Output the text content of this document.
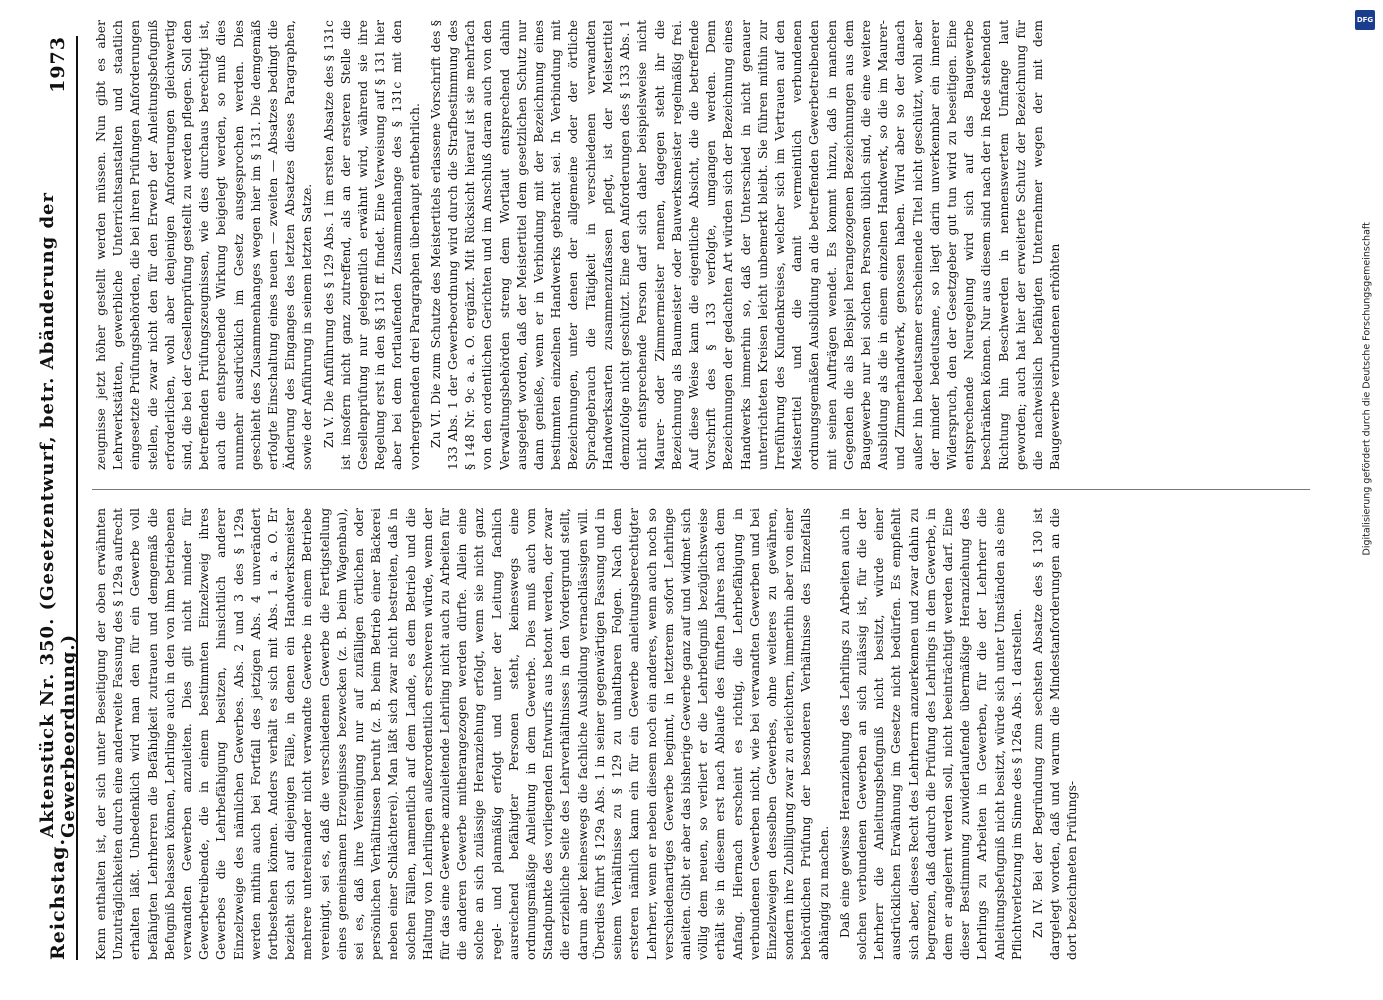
Reichstag.
Aktenstück Nr. 350. (Gesetzentwurf, betr. Abänderung der Gewerbeordnung.)
1973

Kenn enthalten ist, der sich unter Beseitigung der oben erwähnten Unzuträglichkeiten durch eine anderweite Fassung des § 129a aufrecht erhalten läßt. Unbedenklich wird man den für ein Gewerbe voll befähigten Lehrherren die Befähigkeit zutrauen und demgemäß die Befugniß belassen können, Lehrlinge auch in den von ihm betriebenen verwandten Gewerben anzuleiten. Dies gilt nicht minder für Gewerbetreibende, die in einem bestimmten Einzelzweig ihres Gewerbes die Lehrbefähigung besitzen, hinsichtlich anderer Einzelzweige des nämlichen Gewerbes. Abs. 2 und 3 des § 129a werden mithin auch bei Fortfall des jetzigen Abs. 4 unverändert fortbestehen können. Anders verhält es sich mit Abs. 1 a. a. O. Er bezieht sich auf diejenigen Fälle, in denen ein Handwerksmeister mehrere untereinander nicht verwandte Gewerbe in einem Betriebe vereinigt, sei es, daß die verschiedenen Gewerbe die Fertigstellung eines gemeinsamen Erzeugnisses bezwecken (z. B. beim Wagenbau), sei es, daß ihre Vereinigung nur auf zufälligen örtlichen oder persönlichen Verhältnissen beruht (z. B. beim Betrieb einer Bäckerei neben einer Schlächterei). Man läßt sich zwar nicht bestreiten, daß in solchen Fällen, namentlich auf dem Lande, es dem Betrieb und die Haltung von Lehrlingen außerordentlich erschweren würde, wenn der für das eine Gewerbe anzuleitende Lehrling nicht auch zu Arbeiten für die anderen Gewerbe mitherangezogen werden dürfte. Allein eine solche an sich zulässige Heranziehung erfolgt, wenn sie nicht ganz regel- und planmäßig erfolgt und unter der Leitung fachlich ausreichend befähigter Personen steht, keineswegs eine ordnungsmäßige Anleitung in dem Gewerbe. Dies muß auch vom Standpunkte des vorliegenden Entwurfs aus betont werden, der zwar die erziehliche Seite des Lehrverhältnisses in den Vordergrund stellt, darum aber keineswegs die fachliche Ausbildung vernachlässigen will. Überdies führt § 129a Abs. 1 in seiner gegenwärtigen Fassung und in seinem Verhältnisse zu § 129 zu unhaltbaren Folgen. Nach dem ersteren nämlich kann ein für ein Gewerbe anleitungsberechtigter Lehrherr, wenn er neben diesem noch ein anderes, wenn auch noch so verschiedenartiges Gewerbe beginnt, in letzterem sofort Lehrlinge anleiten. Gibt er aber das bisherige Gewerbe ganz auf und widmet sich völlig dem neuen, so verliert er die Lehrbefugniß bezüglichsweise erhält sie in diesem erst nach Ablaufe des fünften Jahres nach dem Anfang. Hiernach erscheint es richtig, die Lehrbefähigung in verbundenen Gewerben nicht, wie bei verwandten Gewerben und bei Einzelzweigen desselben Gewerbes, ohne weiteres zu gewähren, sondern ihre Zubilligung zwar zu erleichtern, immerhin aber von einer behördlichen Prüfung der besonderen Verhältnisse des Einzelfalls abhängig zu machen. Daß eine gewisse Heranziehung des Lehrlings zu Arbeiten auch in solchen verbundenen Gewerben an sich zulässig ist, für die der Lehrherr die Anleitungsbefugniß nicht besitzt, würde einer ausdrücklichen Erwähnung im Gesetze nicht bedürfen. Es empfiehlt sich aber, dieses Recht des Lehrherrn anzuerkennen und zwar dahin zu begrenzen, daß dadurch die Prüfung des Lehrlings in dem Gewerbe, in dem er angelernt werden soll, nicht beeinträchtigt werden darf. Eine dieser Bestimmung zuwiderlaufende übermäßige Heranziehung des Lehrlings zu Arbeiten in Gewerben, für die der Lehrherr die Anleitungsbefugniß nicht besitzt, würde sich unter Umständen als eine Pflichtverletzung im Sinne des § 126a Abs. 1 darstellen. Zu IV. Bei der Begründung zum sechsten Absatze des § 130 ist dargelegt worden, daß und warum die Mindestanforderungen an die dort bezeichneten Prüfungs-

zeugnisse jetzt höher gestellt werden müssen. Nun gibt es aber Lehrwerkstätten, gewerbliche Unterrichtsanstalten und staatlich eingesetzte Prüfungsbehörden, die bei ihren Prüfungen Anforderungen stellen, die zwar nicht den für den Erwerb der Anleitungsbefugniß erforderlichen, wohl aber denjenigen Anforderungen gleichwertig sind, die bei der Gesellenprüfung gestellt zu werden pflegen. Soll den betreffenden Prüfungszeugnissen, wie dies durchaus berechtigt ist, auch die entsprechende Wirkung beigelegt werden, so muß dies nunmehr ausdrücklich im Gesetz ausgesprochen werden. Dies geschieht des Zusammenhanges wegen hier im § 131. Die demgemäß erfolgte Einschaltung eines neuen — zweiten — Absatzes bedingt die Änderung des Einganges des letzten Absatzes dieses Paragraphen, sowie der Anführung in seinem letzten Satze. Zu V. Die Anführung des § 129 Abs. 1 im ersten Absatze des § 131c ist insofern nicht ganz zutreffend, als an der ersteren Stelle die Gesellenprüfung nur gelegentlich erwähnt wird, während sie ihre Regelung erst in den §§ 131 ff. findet. Eine Verweisung auf § 131 hier aber bei dem fortlaufenden Zusammenhange des § 131c mit den vorhergehenden drei Paragraphen überhaupt entbehrlich. Zu VI. Die zum Schutze des Meistertitels erlassene Vorschrift des § 133 Abs. 1 der Gewerbeordnung wird durch die Strafbestimmung des § 148 Nr. 9c a. a. O. ergänzt. Mit Rücksicht hierauf ist sie mehrfach von den ordentlichen Gerichten und im Anschluß daran auch von den Verwaltungsbehörden streng dem Wortlaut entsprechend dahin ausgelegt worden, daß der Meistertitel dem gesetzlichen Schutz nur dann genieße, wenn er in Verbindung mit der Bezeichnung eines bestimmten einzelnen Handwerks gebracht sei. In Verbindung mit Bezeichnungen, unter denen der allgemeine oder der örtliche Sprachgebrauch die Tätigkeit in verschiedenen verwandten Handwerksarten zusammenzufassen pflegt, ist der Meistertitel demzufolge nicht geschützt. Eine den Anforderungen des § 133 Abs. 1 nicht entsprechende Person darf sich daher beispielsweise nicht Maurer- oder Zimmermeister nennen, dagegen steht ihr die Bezeichnung als Baumeister oder Bauwerksmeister regelmäßig frei. Auf diese Weise kann die eigentliche Absicht, die die betreffende Vorschrift des § 133 verfolgte, umgangen werden. Denn Bezeichnungen der gedachten Art würden sich der Bezeichnung eines Handwerks immerhin so, daß der Unterschied in nicht genauer unterrichteten Kreisen leicht unbemerkt bleibt. Sie führen mithin zur Irreführung des Kundenkreises, welcher sich im Vertrauen auf den Meistertitel und die damit vermeintlich verbundenen ordnungsgemäßen Ausbildung an die betreffenden Gewerbetreibenden mit seinen Aufträgen wendet. Es kommt hinzu, daß in manchen Gegenden die als Beispiel herangezogenen Bezeichnungen aus dem Baugewerbe nur bei solchen Personen üblich sind, die eine weitere Ausbildung als die in einem einzelnen Handwerk, so die im Maurer- und Zimmerhandwerk, genossen haben. Wird aber so der danach außer hin bedeutsamer erscheinende Titel nicht geschützt, wohl aber der minder bedeutsame, so liegt darin unverkennbar ein innerer Widerspruch, den der Gesetzgeber gut tun wird zu beseitigen. Eine entsprechende Neuregelung wird sich auf das Baugewerbe beschränken können. Nur aus diesem sind nach der in Rede stehenden Richtung hin Beschwerden in nennenswertem Umfange laut geworden; auch hat hier der erweiterte Schutz der Bezeichnung für die nachweislich befähigten Unternehmer wegen der mit dem Baugewerbe verbundenen erhöhten

DFG
Digitalisierung gefördert durch die Deutsche Forschungsgemeinschaft
